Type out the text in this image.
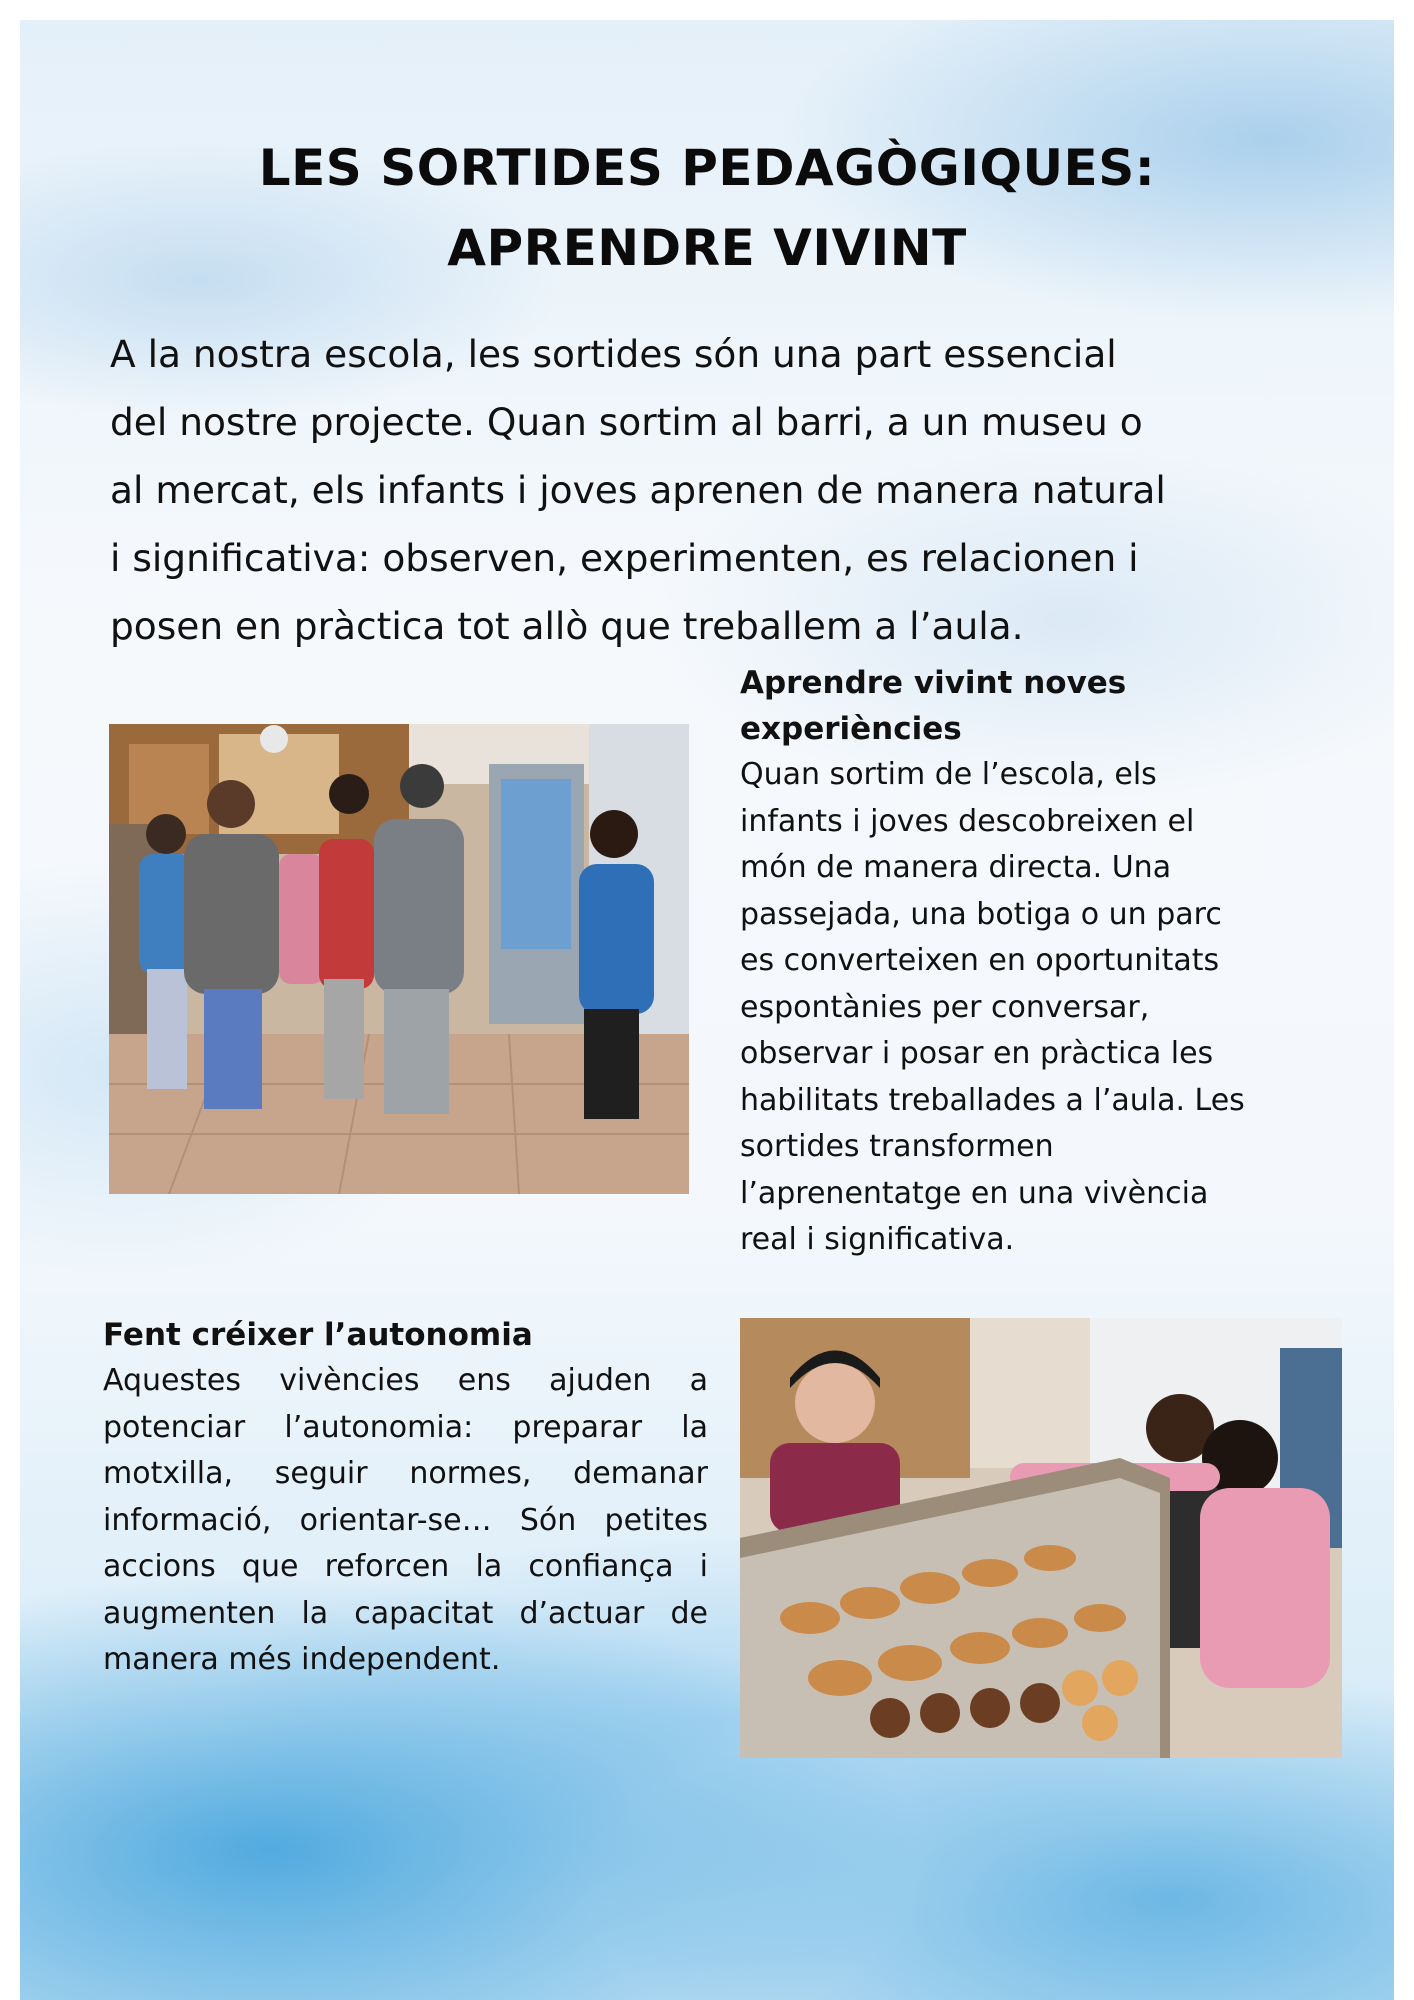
LES SORTIDES PEDAGÒGIQUES:
APRENDRE VIVINT
A la nostra escola, les sortides són una part essencial
del nostre projecte. Quan sortim al barri, a un museu o
al mercat, els infants i joves aprenen de manera natural
i significativa: observen, experimenten, es relacionen i
posen en pràctica tot allò que treballem a l’aula.
Aprendre vivint noves
experiències
Quan sortim de l’escola, els
infants i joves descobreixen el
món de manera directa. Una
passejada, una botiga o un parc
es converteixen en oportunitats
espontànies per conversar,
observar i posar en pràctica les
habilitats treballades a l’aula. Les
sortides transformen
l’aprenentatge en una vivència
real i significativa.
Fent créixer l’autonomia
Aquestes vivències ens ajuden a potenciar l’autonomia: preparar la motxilla, seguir normes, demanar informació, orientar-se… Són petites accions que reforcen la confiança i augmenten la capacitat d’actuar de manera més independent.
